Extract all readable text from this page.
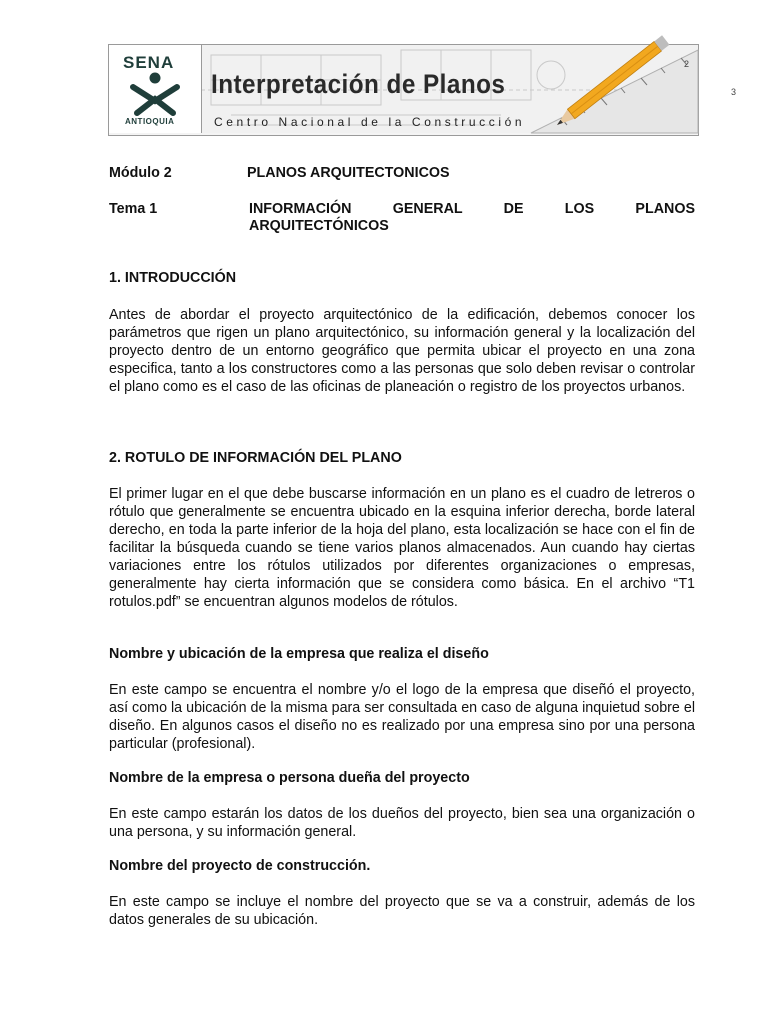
2
3
SENA
ANTIOQUIA
Interpretación de Planos
Centro Nacional de la Construcción
Módulo 2	PLANOS ARQUITECTONICOS
Tema 1	INFORMACIÓN GENERAL DE LOS PLANOS
ARQUITECTÓNICOS
1. INTRODUCCIÓN
Antes de abordar el proyecto arquitectónico de la edificación, debemos conocer los parámetros que rigen un plano arquitectónico, su información general y la localización del proyecto dentro de un entorno geográfico que permita ubicar el proyecto en una zona especifica, tanto a los constructores como a las personas que solo deben revisar o controlar el plano como es el caso de las oficinas de planeación o registro de los proyectos urbanos.
2. ROTULO DE INFORMACIÓN DEL PLANO
El primer lugar en el que debe buscarse información en un plano es el cuadro de letreros o rótulo que generalmente se encuentra ubicado en la esquina inferior derecha, borde lateral derecho, en toda la parte inferior de la hoja del plano, esta localización se hace con el fin de facilitar la búsqueda cuando se tiene varios planos almacenados. Aun cuando hay ciertas variaciones entre los rótulos utilizados por diferentes organizaciones o empresas, generalmente hay cierta información que se considera como básica. En el archivo “T1 rotulos.pdf” se encuentran algunos modelos de rótulos.
Nombre y ubicación de la empresa que realiza el diseño
En este campo se encuentra el nombre y/o el logo de la empresa que diseñó el proyecto, así como la ubicación de la misma para ser consultada en caso de alguna inquietud sobre el diseño. En algunos casos el diseño no es realizado por una empresa sino por una persona particular (profesional).
Nombre de la empresa o persona dueña del proyecto
En este campo estarán los datos de los dueños del proyecto, bien sea una organización o una persona, y su información general.
Nombre del proyecto de construcción.
En este campo se incluye el nombre del proyecto que se va a construir, además de los datos generales de su ubicación.
